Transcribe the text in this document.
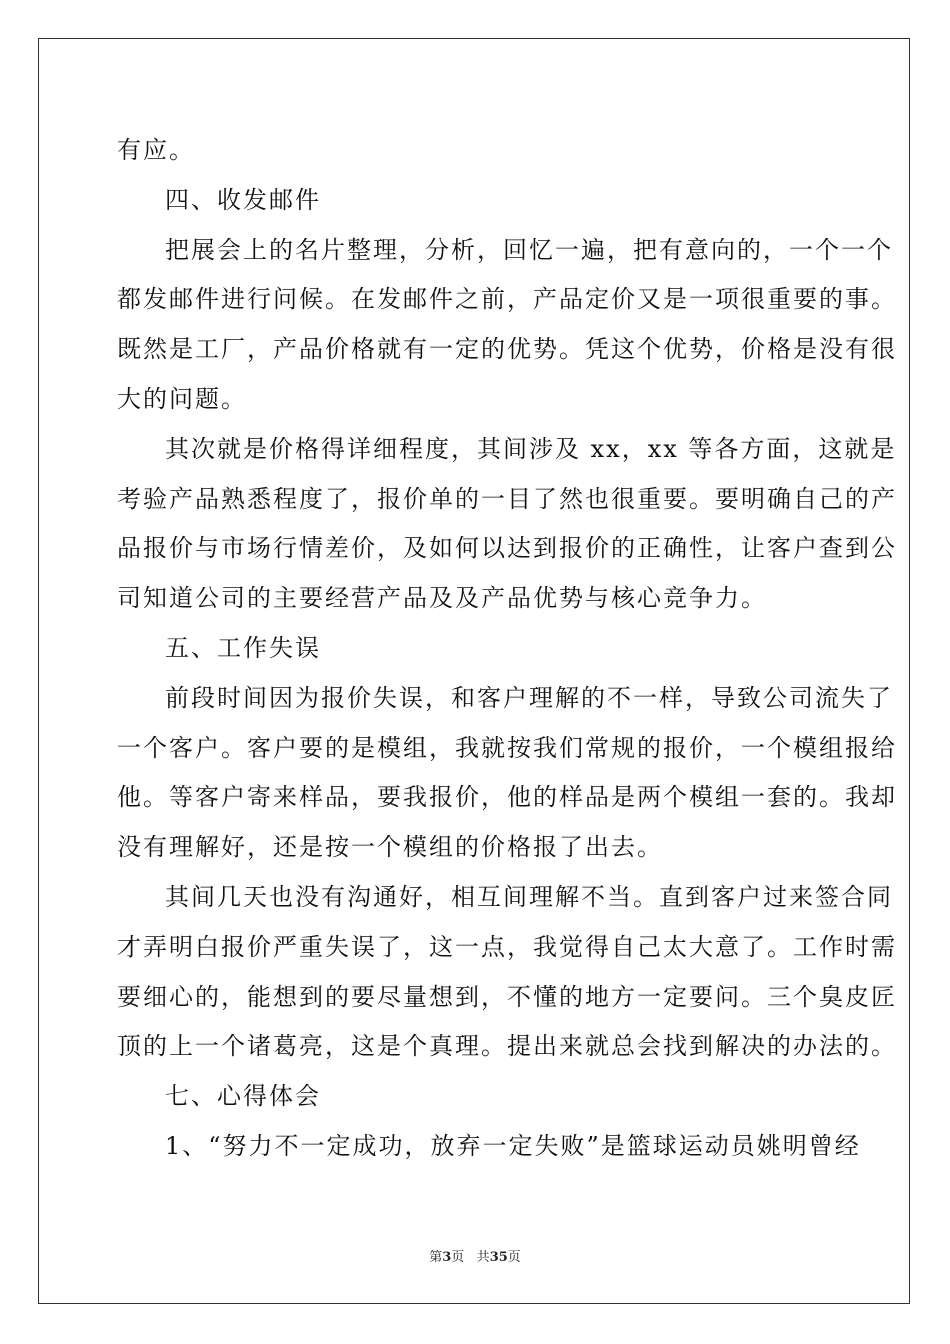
有应。
四、收发邮件
把展会上的名片整理，分析，回忆一遍，把有意向的，一个一个
都发邮件进行问候。在发邮件之前，产品定价又是一项很重要的事。
既然是工厂，产品价格就有一定的优势。凭这个优势，价格是没有很
大的问题。
其次就是价格得详细程度，其间涉及 xx，xx 等各方面，这就是
考验产品熟悉程度了，报价单的一目了然也很重要。要明确自己的产
品报价与市场行情差价，及如何以达到报价的正确性，让客户查到公
司知道公司的主要经营产品及及产品优势与核心竞争力。
五、工作失误
前段时间因为报价失误，和客户理解的不一样，导致公司流失了
一个客户。客户要的是模组，我就按我们常规的报价，一个模组报给
他。等客户寄来样品，要我报价，他的样品是两个模组一套的。我却
没有理解好，还是按一个模组的价格报了出去。
其间几天也没有沟通好，相互间理解不当。直到客户过来签合同
才弄明白报价严重失误了，这一点，我觉得自己太大意了。工作时需
要细心的，能想到的要尽量想到，不懂的地方一定要问。三个臭皮匠
顶的上一个诸葛亮，这是个真理。提出来就总会找到解决的办法的。
七、心得体会
1、“努力不一定成功，放弃一定失败”是篮球运动员姚明曾经
第3页 共35页
